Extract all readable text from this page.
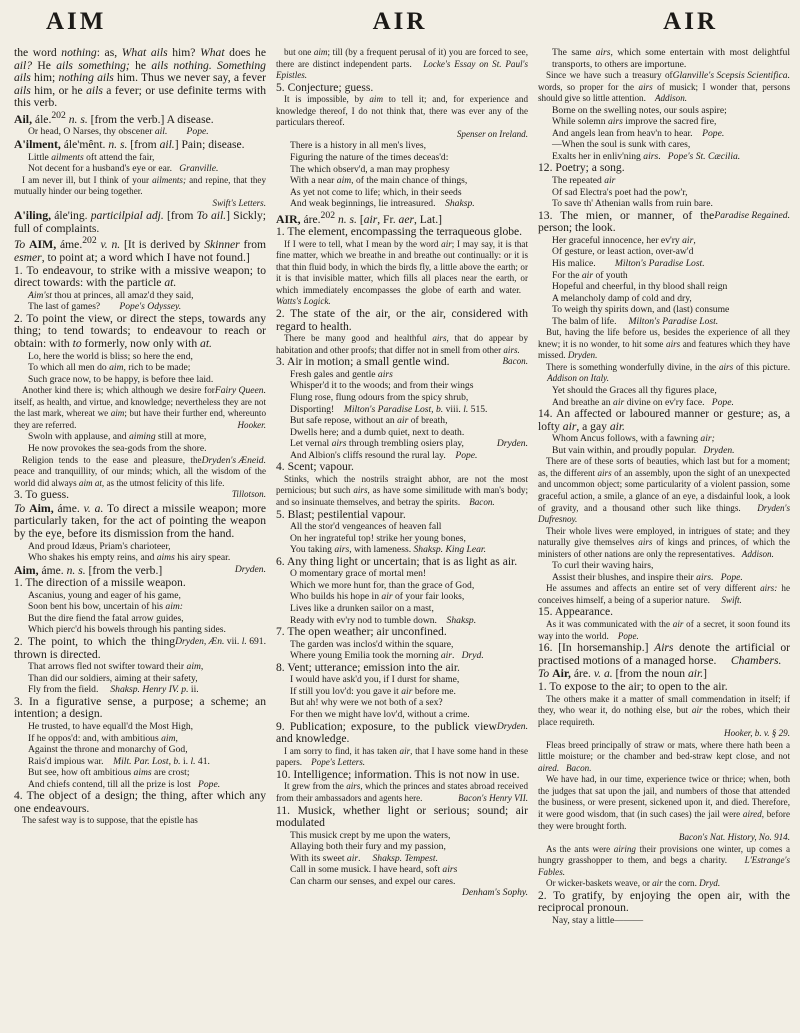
AIM	AIR	AIR

the word nothing: as, What ails him? What does he ail? He ails something; he ails nothing. Something ails him; nothing ails him. Thus we never say, a fever ails him, or he ails a fever; or use definite terms with this verb.

Ail, ále.$^{202}$ n. s. [from the verb.] A disease.

Or head, O Narses, thy obscener ail. Pope.

A'ilment, ále'mênt. n. s. [from ail.] Pain; disease.

Little ailments oft attend the fair,
Not decent for a husband's eye or ear.   Granville.

I am never ill, but I think of your ailments; and repine, that they mutually hinder our being together.

Swift's Letters.

A'iling, ále'ing. particilpial adj. [from To ail.] Sickly; full of complaints.

To AIM, áme.$^{202}$ v. n. [It is derived by Skinner from esmer, to point at; a word which I have not found.]

1. To endeavour, to strike with a missive weapon; to direct towards: with the particle at.

Aim'st thou at princes, all amaz'd they said,
The last of games?        Pope's Odyssey.

2. To point the view, or direct the steps, towards any thing; to tend towards; to endeavour to reach or obtain: with to formerly, now only with at.

Lo, here the world is bliss; so here the end,
To which all men do aim, rich to be made;
Such grace now, to be happy, is before thee laid.

Fairy Queen.

Another kind there is; which although we desire for itself, as health, and virtue, and knowledge; nevertheless they are not the last mark, whereat we aim; but have their further end, whereunto they are referred.	Hooker.

Swoln with applause, and aiming still at more,
He now provokes the sea-gods from the shore.

Dryden's Æneid.

Religion tends to the ease and pleasure, the peace and tranquillity, of our minds; which, all the wisdom of the world did always aim at, as the utmost felicity of this life.
Tillotson.

3. To guess.

To Aim, áme. v. a. To direct a missile weapon; more particularly taken, for the act of pointing the weapon by the eye, before its dismission from the hand.

And proud Idæus, Priam's charioteer,
Who shakes his empty reins, and aims his airy spear.

Dryden.

Aim, áme. n. s. [from the verb.]

1. The direction of a missile weapon.

Ascanius, young and eager of his game,
Soon bent his bow, uncertain of his aim:
But the dire fiend the fatal arrow guides,
Which pierc'd his bowels through his panting sides.

Dryden, Æn. vii. l. 691.

2. The point, to which the thing thrown is directed.

That arrows fled not swifter toward their aim,
Than did our soldiers, aiming at their safety,
Fly from the field.     Shaksp. Henry IV. p. ii.

3. In a figurative sense, a purpose; a scheme; an intention; a design.

He trusted, to have equall'd the Most High,
If he oppos'd: and, with ambitious aim,
Against the throne and monarchy of God,
Rais'd impious war.    Milt. Par. Lost, b. i. l. 41.
But see, how oft ambitious aims are crost;
And chiefs contend, till all the prize is lost   Pope.

4. The object of a design; the thing, after which any one endeavours.

The safest way is to suppose, that the epistle has

but one aim; till (by a frequent perusal of it) you are forced to see, there are distinct independent parts.   Locke's Essay on St. Paul's Epistles.

5. Conjecture; guess.

It is impossible, by aim to tell it; and, for experience and knowledge thereof, I do not think that, there was ever any of the particulars thereof.

Spenser on Ireland.

There is a history in all men's lives,
Figuring the nature of the times deceas'd:
The which observ'd, a man may prophesy
With a near aim, of the main chance of things,
As yet not come to life; which, in their seeds
And weak beginnings, lie intreasured.    Shaksp.

AIR, áre.$^{202}$ n. s. [air, Fr. aer, Lat.]

1. The element, encompassing the terraqueous globe.

If I were to tell, what I mean by the word air; I may say, it is that fine matter, which we breathe in and breathe out continually: or it is that thin fluid body, in which the birds fly, a little above the earth; or it is that invisible matter, which fills all places near the earth, or which immediately encompasses the globe of earth and water.   Watts's Logick.

2. The state of the air, or the air, considered with regard to health.

There be many good and healthful airs, that do appear by habitation and other proofs; that differ not in smell from other airs.
Bacon.

3. Air in motion; a small gentle wind.

Fresh gales and gentle airs
Whisper'd it to the woods; and from their wings
Flung rose, flung odours from the spicy shrub,
Disporting!    Milton's Paradise Lost, b. viii. l. 515.
But safe repose, without an air of breath,
Dwells here; and a dumb quiet, next to death.

Dryden.

Let vernal airs through trembling osiers play,
And Albion's cliffs resound the rural lay.    Pope.

4. Scent; vapour.

Stinks, which the nostrils straight abhor, are not the most pernicious; but such airs, as have some similitude with man's body; and so insinuate themselves, and betray the spirits.    Bacon.

5. Blast; pestilential vapour.

All the stor'd vengeances of heaven fall
On her ingrateful top! strike her young bones,
You taking airs, with lameness. Shaksp. King Lear.

6. Any thing light or uncertain; that is as light as air.

O momentary grace of mortal men!
Which we more hunt for, than the grace of God,
Who builds his hope in air of your fair looks,
Lives like a drunken sailor on a mast,
Ready with ev'ry nod to tumble down.    Shaksp.

7. The open weather; air unconfined.

The garden was inclos'd within the square,
Where young Emilia took the morning air.   Dryd.

8. Vent; utterance; emission into the air.

I would have ask'd you, if I durst for shame,
If still you lov'd: you gave it air before me.
But ah! why were we not both of a sex?
For then we might have lov'd, without a crime.

Dryden.

9. Publication; exposure, to the publick view and knowledge.

I am sorry to find, it has taken air, that I have some hand in these papers.    Pope's Letters.

10. Intelligence; information. This is not now in use.

It grew from the airs, which the princes and states abroad received from their ambassadors and agents here.	Bacon's Henry VII.

11. Musick, whether light or serious; sound; air modulated

This musick crept by me upon the waters,
Allaying both their fury and my passion,
With its sweet air.     Shaksp. Tempest.
Call in some musick. I have heard, soft airs
Can charm our senses, and expel our cares.

Denham's Sophy.

The same airs, which some entertain with most delightful transports, to others are importune.

Glanville's Scepsis Scientifica.

Since we have such a treasury of words, so proper for the airs of musick; I wonder that, persons should give so little attention.    Addison.

Borne on the swelling notes, our souls aspire;
While solemn airs improve the sacred fire,
And angels lean from heav'n to hear.    Pope.
—When the soul is sunk with cares,
Exalts her in enliv'ning airs.   Pope's St. Cæcilia.

12. Poetry; a song.

The repeated air
Of sad Electra's poet had the pow'r,
To save th' Athenian walls from ruin bare.

Paradise Regained.

13. The mien, or manner, of the person; the look.

Her graceful innocence, her ev'ry air,
Of gesture, or least action, over-aw'd
His malice.        Milton's Paradise Lost.
For the air of youth
Hopeful and cheerful, in thy blood shall reign
A melancholy damp of cold and dry,
To weigh thy spirits down, and (last) consume
The balm of life.     Milton's Paradise Lost.

But, having the life before us, besides the experience of all they knew; it is no wonder, to hit some airs and features which they have missed. Dryden.

There is something wonderfully divine, in the airs of this picture.     Addison on Italy.

Yet should the Graces all thy figures place,
And breathe an air divine on ev'ry face.   Pope.

14. An affected or laboured manner or gesture; as, a lofty air, a gay air.

Whom Ancus follows, with a fawning air;
But vain within, and proudly popular.   Dryden.

There are of these sorts of beauties, which last but for a moment; as, the different airs of an assembly, upon the sight of an unexpected and uncommon object; some particularity of a violent passion, some graceful action, a smile, a glance of an eye, a disdainful look, a look of gravity, and a thousand other such like things.   Dryden's Dufresnoy.

Their whole lives were employed, in intrigues of state; and they naturally give themselves airs of kings and princes, of which the ministers of other nations are only the representatives.   Addison.

To curl their waving hairs,
Assist their blushes, and inspire their airs. Pope.

He assumes and affects an entire set of very different airs: he conceives himself, a being of a superior nature.     Swift.

15. Appearance.

As it was communicated with the air of a secret, it soon found its way into the world.    Pope.

16. [In horsemanship.] Airs denote the artificial or practised motions of a managed horse.     Chambers.

To Air, áre. v. a. [from the noun air.]

1. To expose to the air; to open to the air.

The others make it a matter of small commendation in itself; if they, who wear it, do nothing else, but air the robes, which their place requireth.

Hooker, b. v. § 29.

Fleas breed principally of straw or mats, where there hath been a little moisture; or the chamber and bed-straw kept close, and not aired. Bacon.

We have had, in our time, experience twice or thrice; when, both the judges that sat upon the jail, and numbers of those that attended the business, or were present, sickened upon it, and died. Therefore, it were good wisdom, that (in such cases) the jail were aired, before they were brought forth.

Bacon's Nat. History, No. 914.

As the ants were airing their provisions one winter, up comes a hungry grasshopper to them, and begs a charity.    L'Estrange's Fables.

Or wicker-baskets weave, or air the corn. Dryd.

2. To gratify, by enjoying the open air, with the reciprocal pronoun.

Nay, stay a little———
